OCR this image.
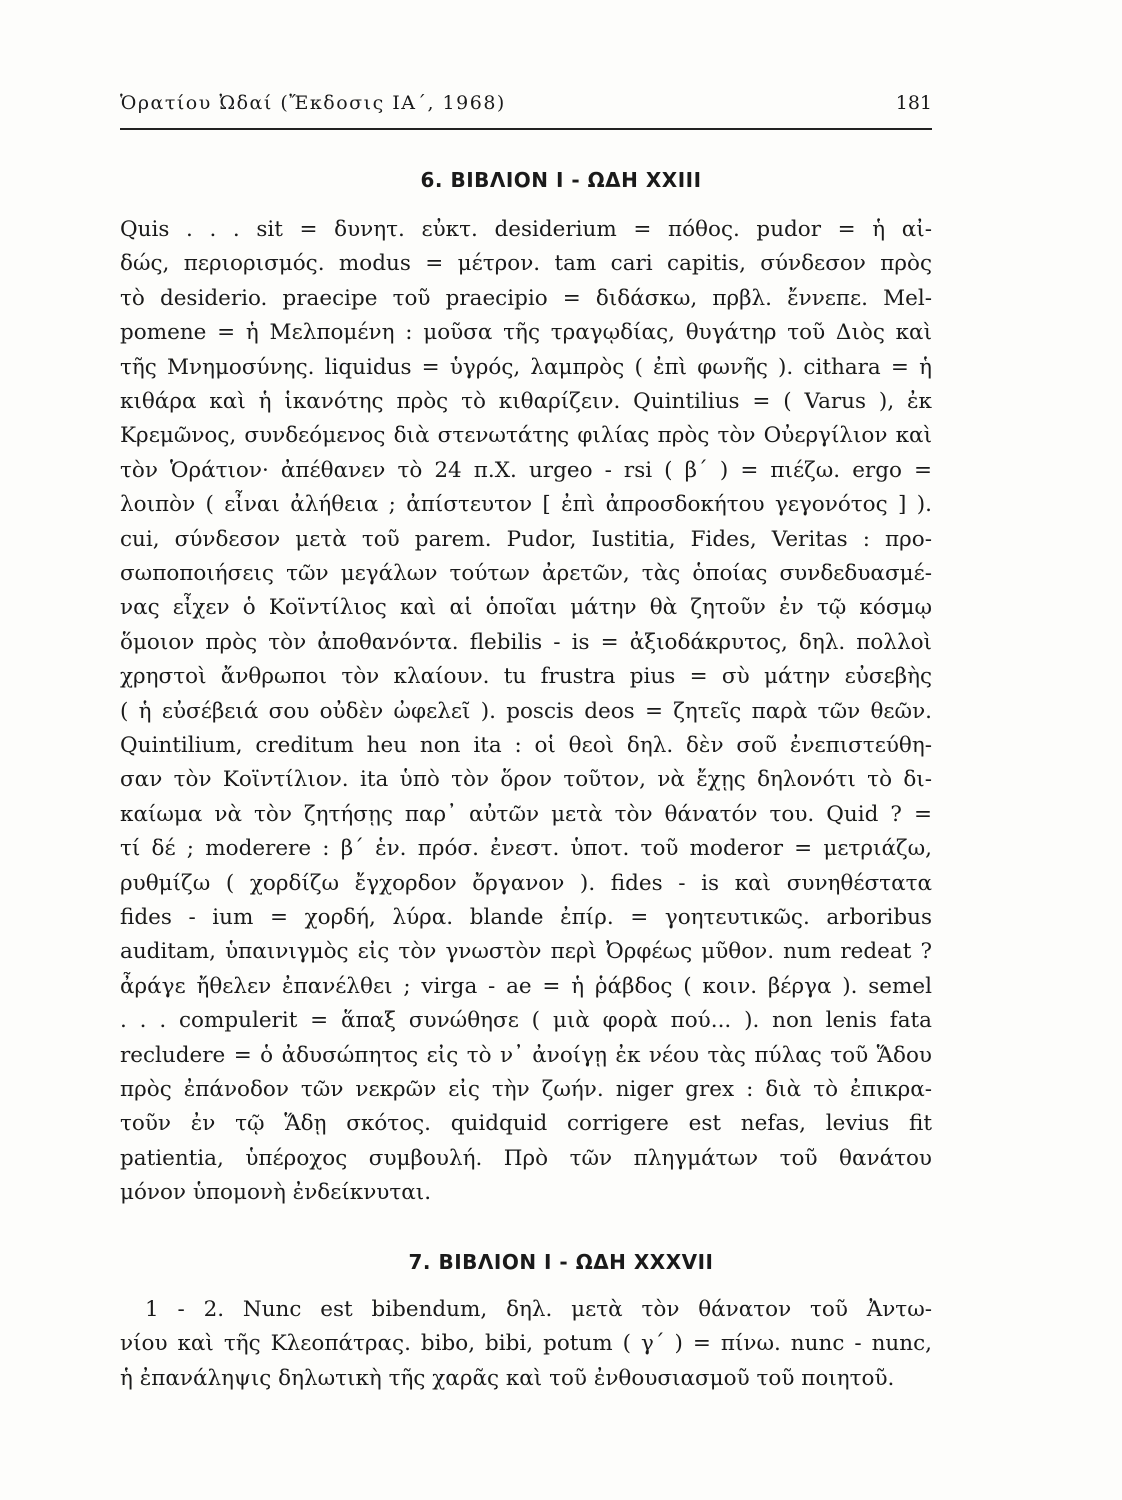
Ὁρατίου Ὠδαί (Ἔκδοσις ΙΑ΄, 1968)	181
6. ΒΙΒΛΙΟΝ Ι - ΩΔΗ XXIII
Quis . . . sit = δυνητ. εὐκτ. desiderium = πόθος. pudor = ἡ αἰ-
δώς, περιορισμός. modus = μέτρον. tam cari capitis, σύνδεσον πρὸς
τὸ desiderio. praecipe τοῦ praecipio = διδάσκω, πρβλ. ἔννεπε. Mel-
pomene = ἡ Μελπομένη : μοῦσα τῆς τραγῳδίας, θυγάτηρ τοῦ Διὸς καὶ
τῆς Μνημοσύνης. liquidus = ὑγρός, λαμπρὸς ( ἐπὶ φωνῆς ). cithara = ἡ
κιθάρα καὶ ἡ ἱκανότης πρὸς τὸ κιθαρίζειν. Quintilius = ( Varus ), ἐκ
Κρεμῶνος, συνδεόμενος διὰ στενωτάτης φιλίας πρὸς τὸν Οὐεργίλιον καὶ
τὸν Ὁράτιον· ἀπέθανεν τὸ 24 π.Χ. urgeo - rsi ( β΄ ) = πιέζω. ergo =
λοιπὸν ( εἶναι ἀλήθεια ; ἀπίστευτον [ ἐπὶ ἀπροσδοκήτου γεγονότος ] ).
cui, σύνδεσον μετὰ τοῦ parem. Pudor, Iustitia, Fides, Veritas : προ-
σωποποιήσεις τῶν μεγάλων τούτων ἀρετῶν, τὰς ὁποίας συνδεδυασμέ-
νας εἶχεν ὁ Κοϊντίλιος καὶ αἱ ὁποῖαι μάτην θὰ ζητοῦν ἐν τῷ κόσμῳ
ὅμοιον πρὸς τὸν ἀποθανόντα. flebilis - is = ἀξιοδάκρυτος, δηλ. πολλοὶ
χρηστοὶ ἄνθρωποι τὸν κλαίουν. tu frustra pius = σὺ μάτην εὐσεβὴς
( ἡ εὐσέβειά σου οὐδὲν ὠφελεῖ ). poscis deos = ζητεῖς παρὰ τῶν θεῶν.
Quintilium, creditum heu non ita : οἱ θεοὶ δηλ. δὲν σοῦ ἐνεπιστεύθη-
σαν τὸν Κοϊντίλιον. ita ὑπὸ τὸν ὅρον τοῦτον, νὰ ἔχῃς δηλονότι τὸ δι-
καίωμα νὰ τὸν ζητήσῃς παρ᾽ αὐτῶν μετὰ τὸν θάνατόν του. Quid ? =
τί δέ ; moderere : β΄ ἑν. πρόσ. ἐνεστ. ὑποτ. τοῦ moderor = μετριάζω,
ρυθμίζω ( χορδίζω ἔγχορδον ὄργανον ). fides - is καὶ συνηθέστατα
fides - ium = χορδή, λύρα. blande ἐπίρ. = γοητευτικῶς. arboribus
auditam, ὑπαινιγμὸς εἰς τὸν γνωστὸν περὶ Ὀρφέως μῦθον. num redeat ?
ἆράγε ἤθελεν ἐπανέλθει ; virga - ae = ἡ ῥάβδος ( κοιν. βέργα ). semel
. . . compulerit = ἅπαξ συνώθησε ( μιὰ φορὰ πού... ). non lenis fata
recludere = ὁ ἀδυσώπητος εἰς τὸ ν᾽ ἀνοίγῃ ἐκ νέου τὰς πύλας τοῦ Ἅδου
πρὸς ἐπάνοδον τῶν νεκρῶν εἰς τὴν ζωήν. niger grex : διὰ τὸ ἐπικρα-
τοῦν ἐν τῷ Ἅδῃ σκότος. quidquid corrigere est nefas, levius fit
patientia, ὑπέροχος συμβουλή. Πρὸ τῶν πληγμάτων τοῦ θανάτου
μόνον ὑπομονὴ ἐνδείκνυται.
7. ΒΙΒΛΙΟΝ Ι - ΩΔΗ XXXVII
1 - 2. Nunc est bibendum, δηλ. μετὰ τὸν θάνατον τοῦ Ἀντω-
νίου καὶ τῆς Κλεοπάτρας. bibo, bibi, potum ( γ΄ ) = πίνω. nunc - nunc,
ἡ ἐπανάληψις δηλωτικὴ τῆς χαρᾶς καὶ τοῦ ἐνθουσιασμοῦ τοῦ ποιητοῦ.
